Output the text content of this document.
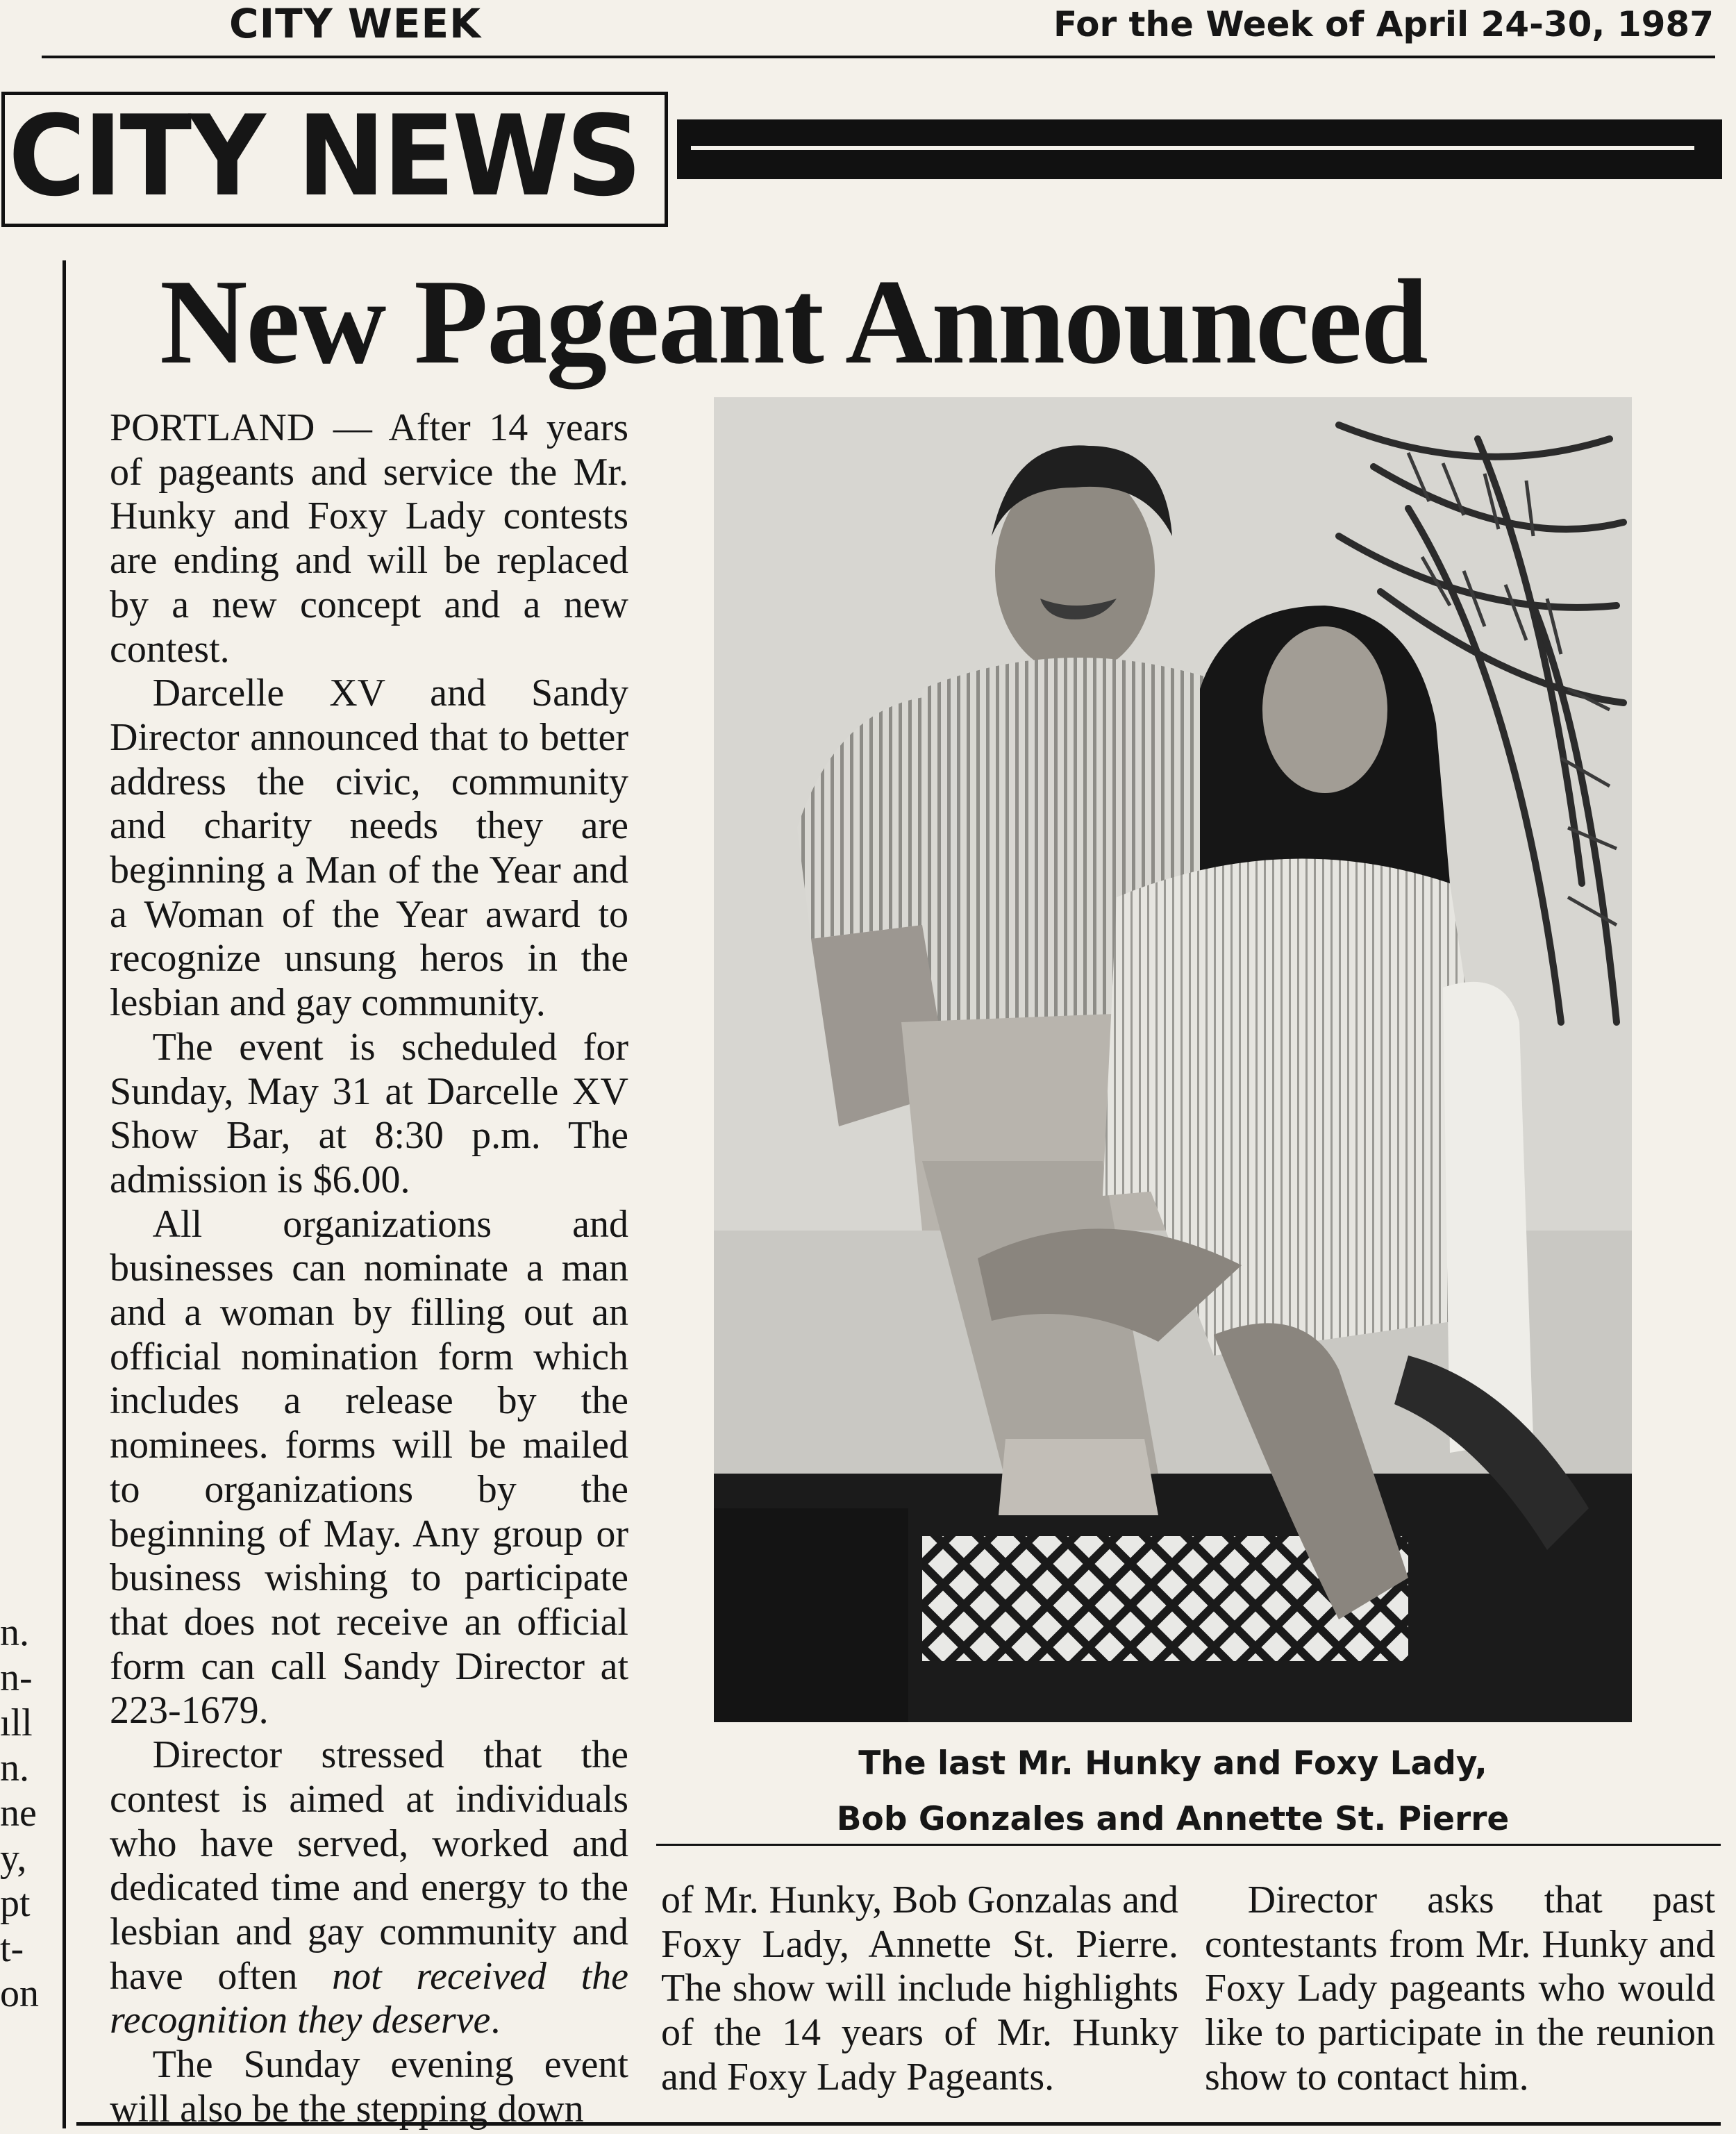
CITY WEEK	For the Week of April 24-30, 1987
CITY NEWS
New Pageant Announced

PORTLAND — After 14 years of pageants and service the Mr. Hunky and Foxy Lady contests are ending and will be replaced by a new concept and a new contest.

Darcelle XV and Sandy Director announced that to better address the civic, community and charity needs they are beginning a Man of the Year and a Woman of the Year award to recognize unsung heros in the lesbian and gay community.

The event is scheduled for Sunday, May 31 at Darcelle XV Show Bar, at 8:30 p.m. The admission is $6.00.

All organizations and businesses can nominate a man and a woman by filling out an official nomination form which includes a release by the nominees. forms will be mailed to organizations by the beginning of May. Any group or business wishing to participate that does not receive an official form can call Sandy Director at 223-1679.

Director stressed that the contest is aimed at individuals who have served, worked and dedicated time and energy to the lesbian and gay community and have often not received the recognition they deserve.

The Sunday evening event will also be the stepping down

The last Mr. Hunky and Foxy Lady,
Bob Gonzales and Annette St. Pierre

of Mr. Hunky, Bob Gonzalas and Foxy Lady, Annette St. Pierre. The show will include highlights of the 14 years of Mr. Hunky and Foxy Lady Pageants.

Director asks that past contestants from Mr. Hunky and Foxy Lady pageants who would like to participate in the reunion show to contact him.

n.
n-
ıll
n.
ne
y,
pt
t-
on
